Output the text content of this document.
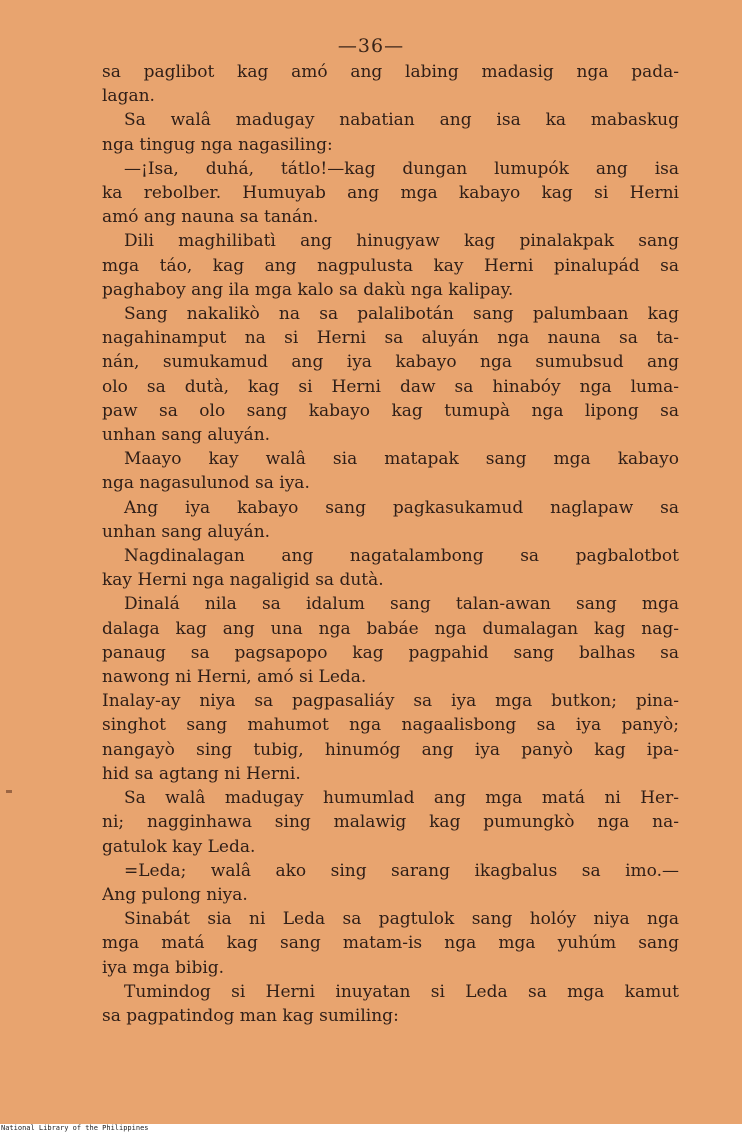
—36—
sa paglibot kag amó ang labing madasig nga pada-
lagan.
Sa walâ madugay nabatian ang isa ka mabaskug
nga tingug nga nagasiling:
—¡Isa, duhá, tátlo!—kag dungan lumupók ang isa
ka rebolber. Humuyab ang mga kabayo kag si Herni
amó ang nauna sa tanán.
Dili maghilibatì ang hinugyaw kag pinalakpak sang
mga táo, kag ang nagpulusta kay Herni pinalupád sa
paghaboy ang ila mga kalo sa dakù nga kalipay.
Sang nakalikò na sa palalibotán sang palumbaan kag
nagahinamput na si Herni sa aluyán nga nauna sa ta-
nán, sumukamud ang iya kabayo nga sumubsud ang
olo sa dutà, kag si Herni daw sa hinabóy nga luma-
paw sa olo sang kabayo kag tumupà nga lipong sa
unhan sang aluyán.
Maayo kay walâ sia matapak sang mga kabayo
nga nagasulunod sa iya.
Ang iya kabayo sang pagkasukamud naglapaw sa
unhan sang aluyán.
Nagdinalagan ang nagatalambong sa pagbalotbot
kay Herni nga nagaligid sa dutà.
Dinalá nila sa idalum sang talan-awan sang mga
dalaga kag ang una nga babáe nga dumalagan kag nag-
panaug sa pagsapopo kag pagpahid sang balhas sa
nawong ni Herni, amó si Leda.
Inalay-ay niya sa pagpasaliáy sa iya mga butkon; pina-
singhot sang mahumot nga nagaalisbong sa iya panyò;
nangayò sing tubig, hinumóg ang iya panyò kag ipa-
hid sa agtang ni Herni.
Sa walâ madugay humumlad ang mga matá ni Her-
ni; nagginhawa sing malawig kag pumungkò nga na-
gatulok kay Leda.
=Leda; walâ ako sing sarang ikagbalus sa imo.—
Ang pulong niya.
Sinabát sia ni Leda sa pagtulok sang holóy niya nga
mga matá kag sang matam-is nga mga yuhúm sang
iya mga bibig.
Tumindog si Herni inuyatan si Leda sa mga kamut
sa pagpatindog man kag sumiling:
National Library of the Philippines
